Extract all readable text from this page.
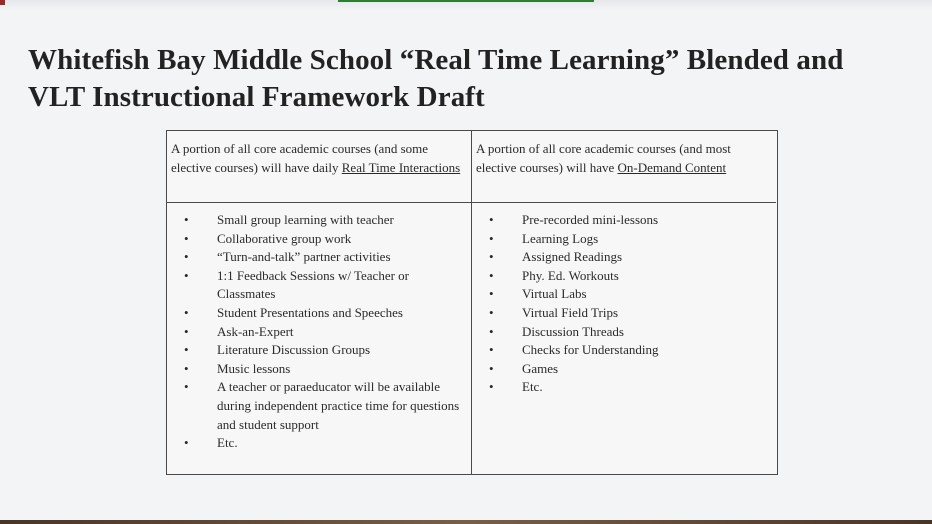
Whitefish Bay Middle School “Real Time Learning” Blended and
VLT Instructional Framework Draft
A portion of all core academic courses (and some elective courses) will have daily Real Time Interactions
• Small group learning with teacher
• Collaborative group work
• “Turn-and-talk” partner activities
• 1:1 Feedback Sessions w/ Teacher or Classmates
• Student Presentations and Speeches
• Ask-an-Expert
• Literature Discussion Groups
• Music lessons
• A teacher or paraeducator will be available during independent practice time for questions and student support
• Etc.
A portion of all core academic courses (and most elective courses) will have On-Demand Content
• Pre-recorded mini-lessons
• Learning Logs
• Assigned Readings
• Phy. Ed. Workouts
• Virtual Labs
• Virtual Field Trips
• Discussion Threads
• Checks for Understanding
• Games
• Etc.
